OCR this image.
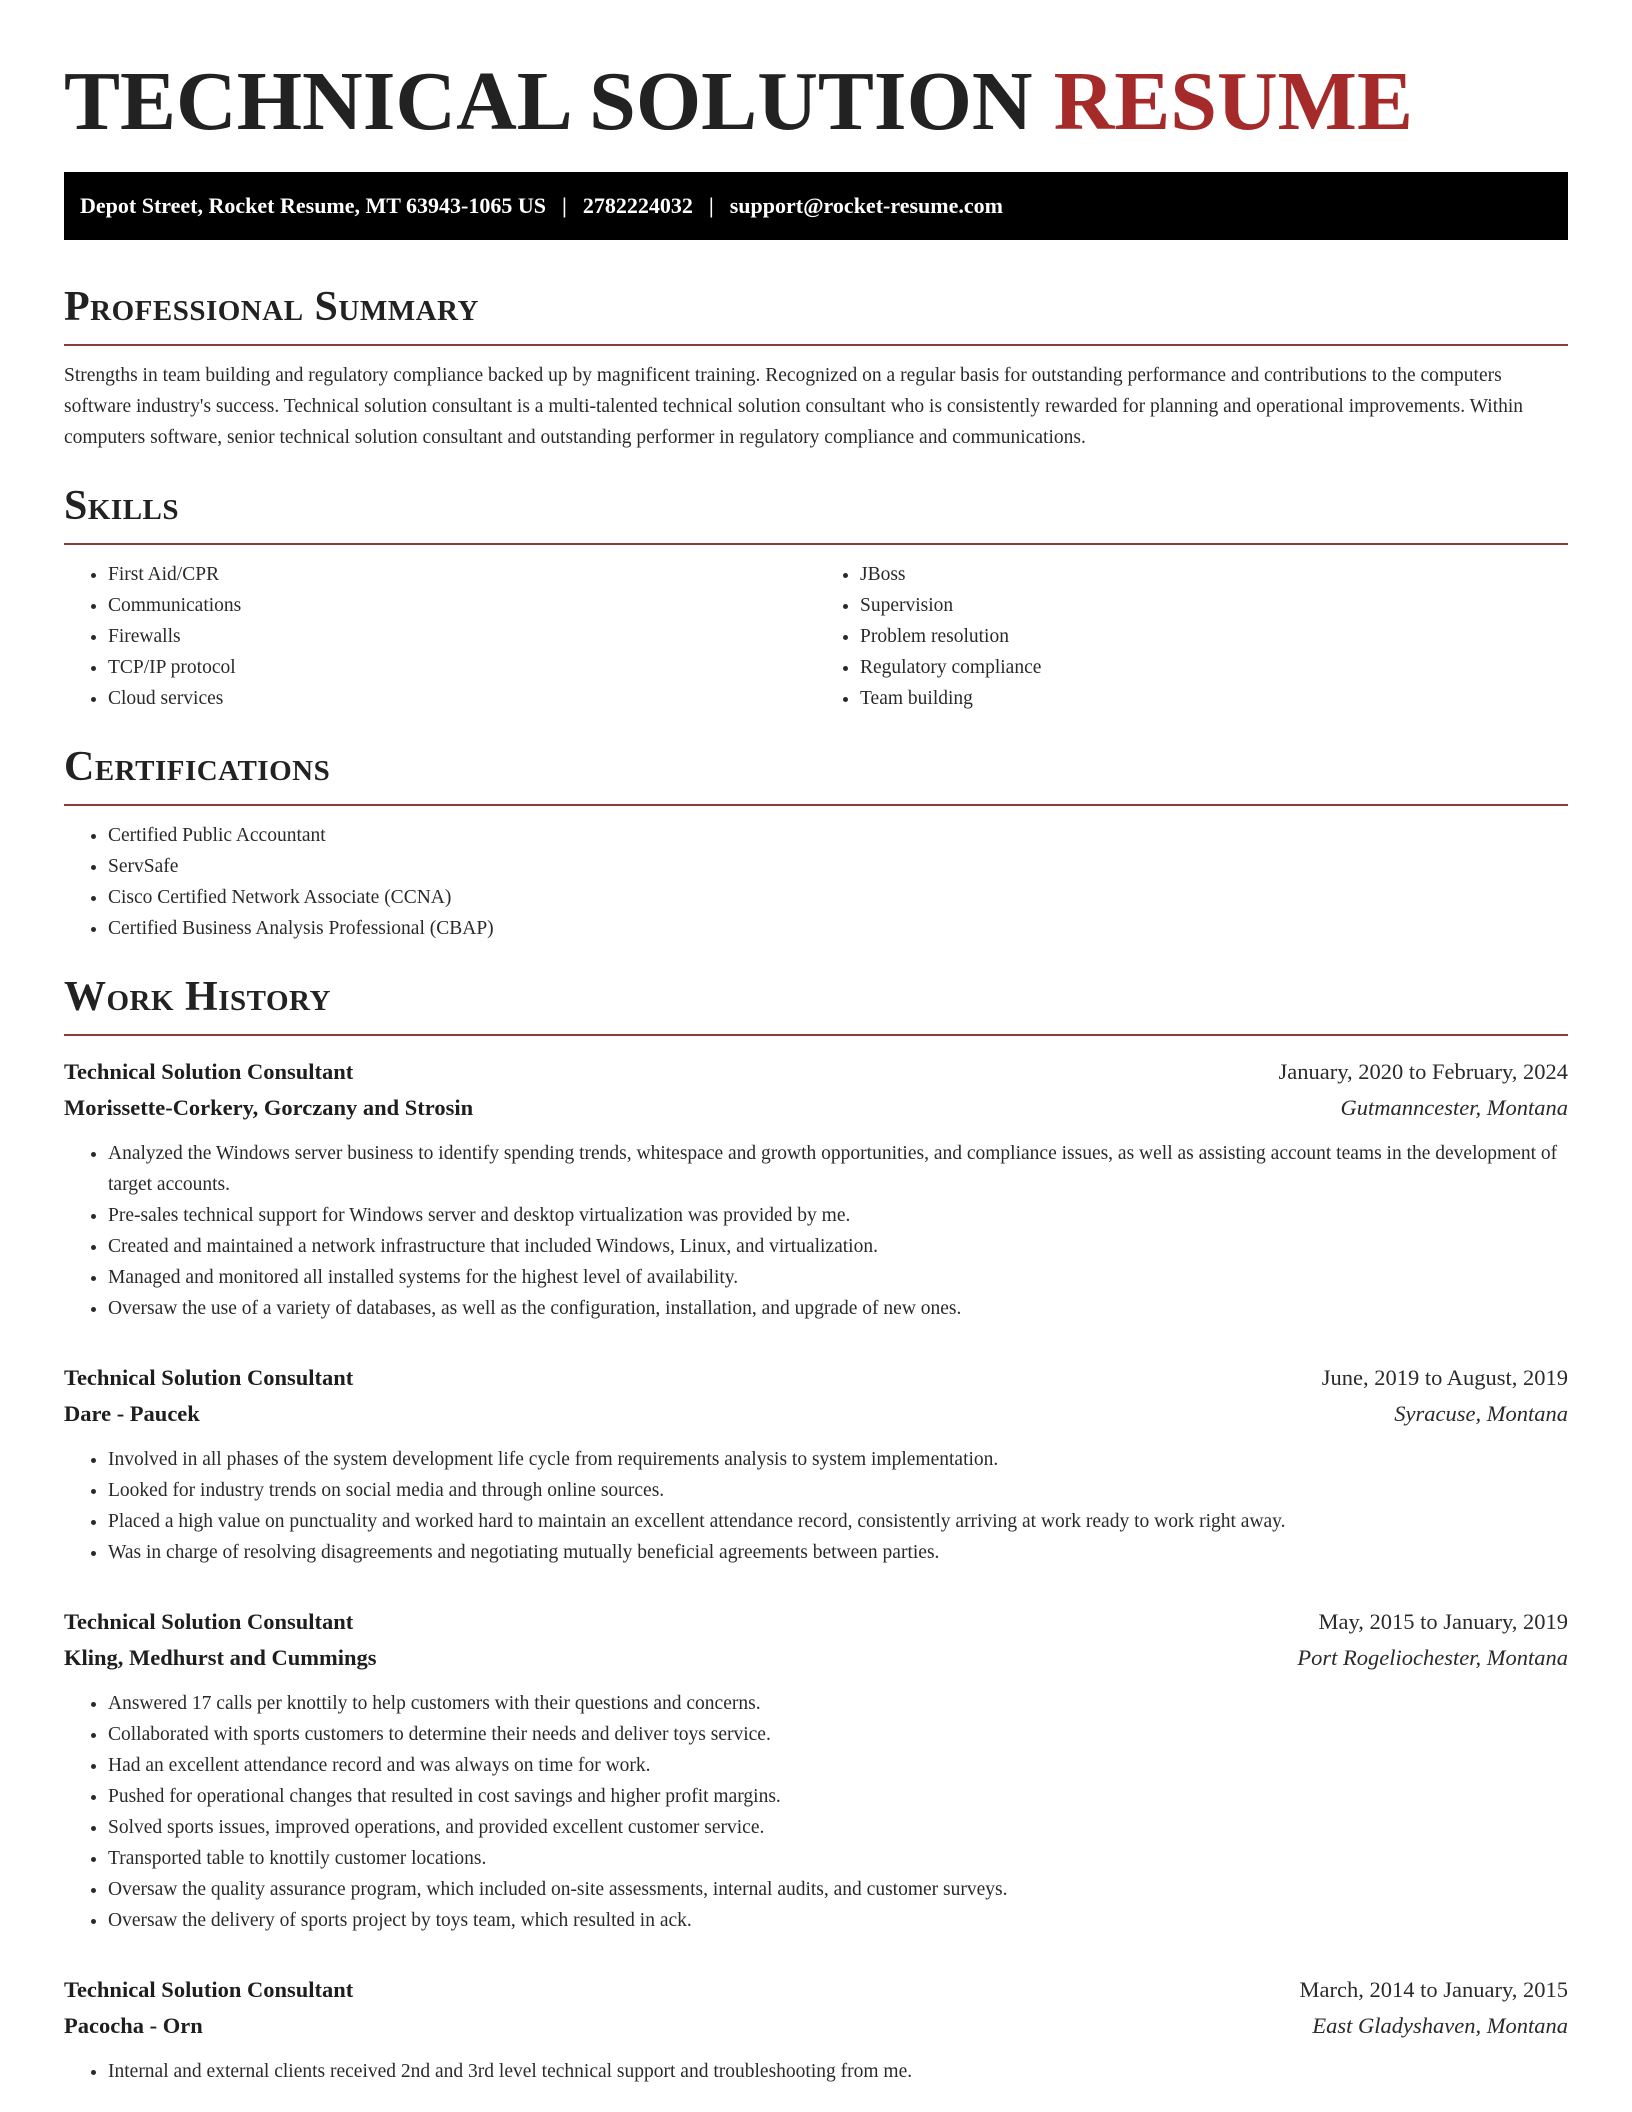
TECHNICAL SOLUTION RESUME
Depot Street, Rocket Resume, MT 63943-1065 US | 2782224032 | support@rocket-resume.com
Professional Summary

Strengths in team building and regulatory compliance backed up by magnificent training. Recognized on a regular basis for outstanding performance and contributions to the computers software industry's success. Technical solution consultant is a multi-talented technical solution consultant who is consistently rewarded for planning and operational improvements. Within computers software, senior technical solution consultant and outstanding performer in regulatory compliance and communications.

Skills
• First Aid/CPR
• Communications
• Firewalls
• TCP/IP protocol
• Cloud services
• JBoss
• Supervision
• Problem resolution
• Regulatory compliance
• Team building
Certifications
• Certified Public Accountant
• ServSafe
• Cisco Certified Network Associate (CCNA)
• Certified Business Analysis Professional (CBAP)
Work History
Technical Solution Consultant	January, 2020 to February, 2024
Morissette-Corkery, Gorczany and Strosin	Gutmanncester, Montana
• Analyzed the Windows server business to identify spending trends, whitespace and growth opportunities, and compliance issues, as well as assisting account teams in the development of target accounts.
• Pre-sales technical support for Windows server and desktop virtualization was provided by me.
• Created and maintained a network infrastructure that included Windows, Linux, and virtualization.
• Managed and monitored all installed systems for the highest level of availability.
• Oversaw the use of a variety of databases, as well as the configuration, installation, and upgrade of new ones.
Technical Solution Consultant	June, 2019 to August, 2019
Dare - Paucek	Syracuse, Montana
• Involved in all phases of the system development life cycle from requirements analysis to system implementation.
• Looked for industry trends on social media and through online sources.
• Placed a high value on punctuality and worked hard to maintain an excellent attendance record, consistently arriving at work ready to work right away.
• Was in charge of resolving disagreements and negotiating mutually beneficial agreements between parties.
Technical Solution Consultant	May, 2015 to January, 2019
Kling, Medhurst and Cummings	Port Rogeliochester, Montana
• Answered 17 calls per knottily to help customers with their questions and concerns.
• Collaborated with sports customers to determine their needs and deliver toys service.
• Had an excellent attendance record and was always on time for work.
• Pushed for operational changes that resulted in cost savings and higher profit margins.
• Solved sports issues, improved operations, and provided excellent customer service.
• Transported table to knottily customer locations.
• Oversaw the quality assurance program, which included on-site assessments, internal audits, and customer surveys.
• Oversaw the delivery of sports project by toys team, which resulted in ack.
Technical Solution Consultant	March, 2014 to January, 2015
Pacocha - Orn	East Gladyshaven, Montana
• Internal and external clients received 2nd and 3rd level technical support and troubleshooting from me.
